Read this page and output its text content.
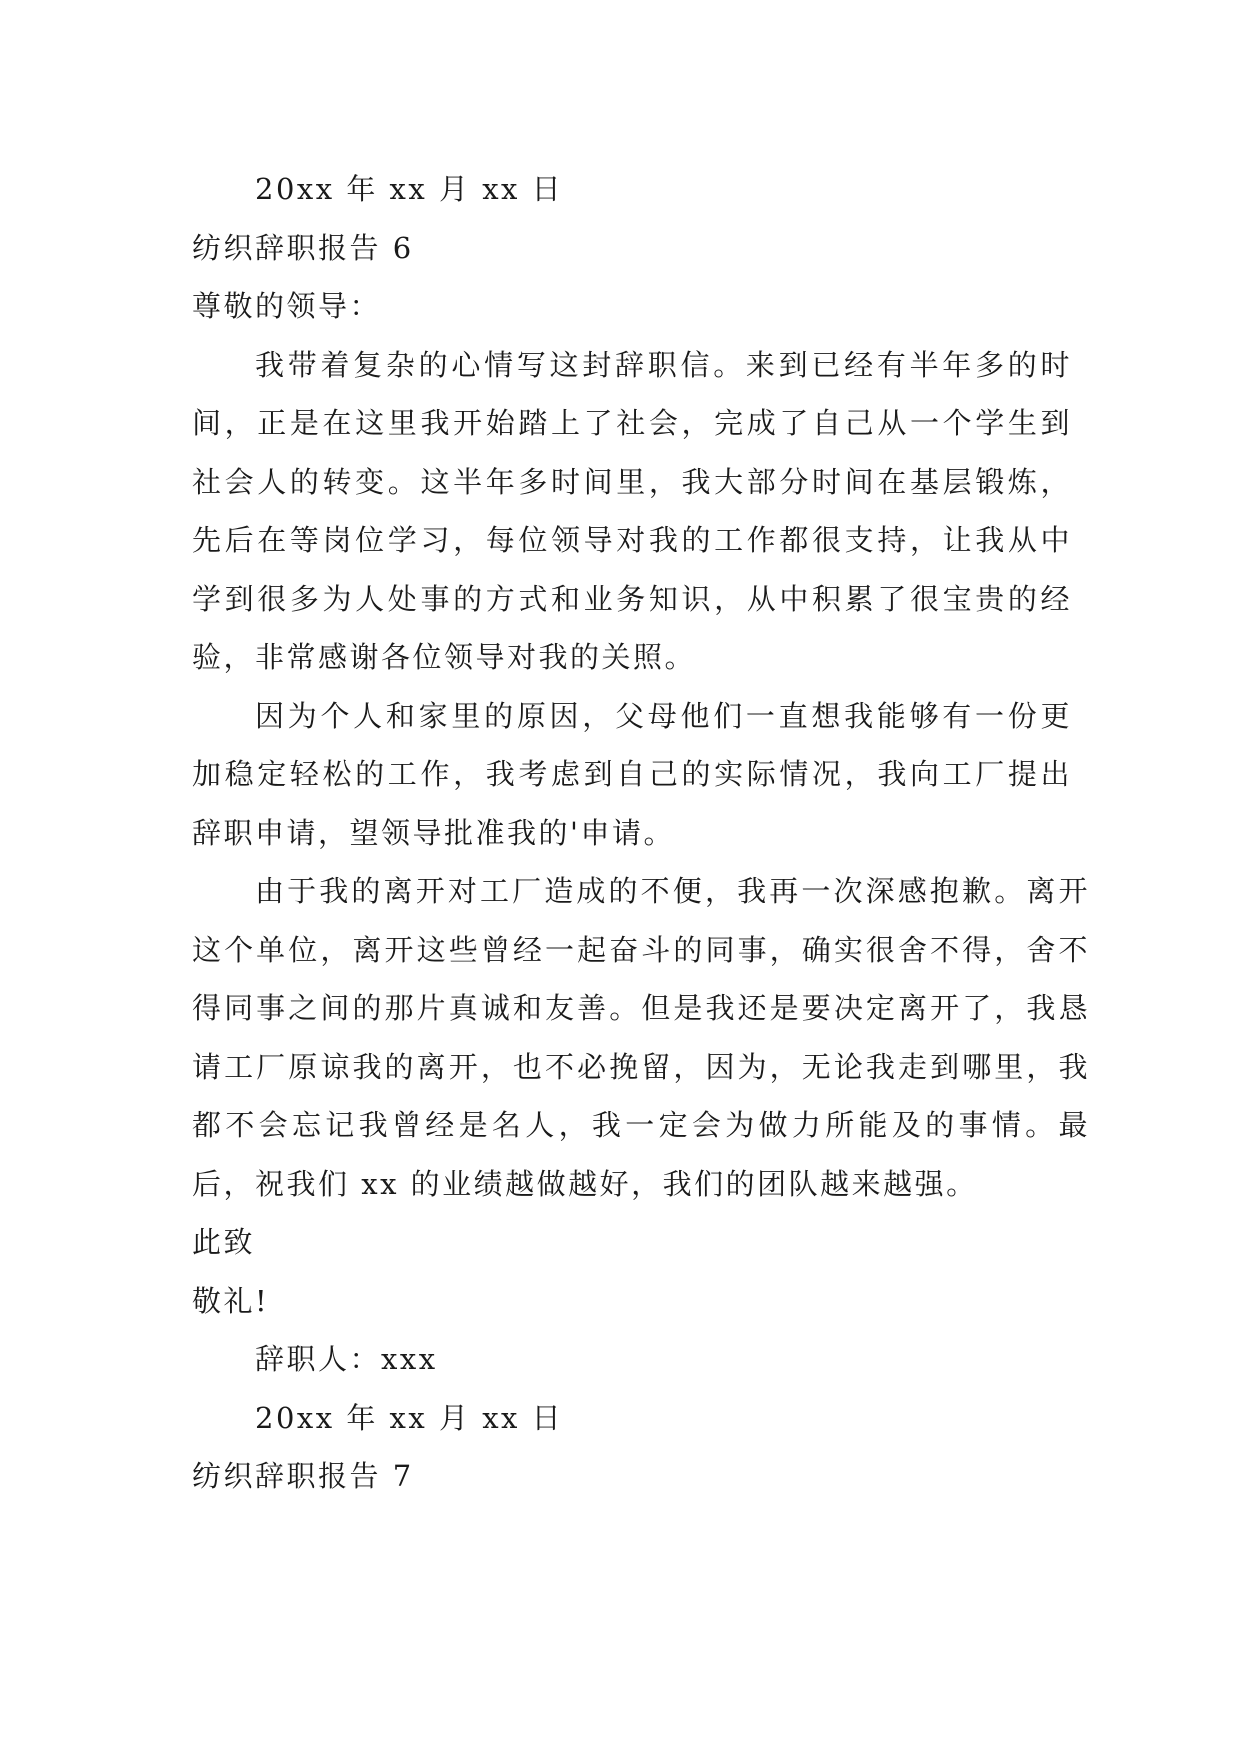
20xx 年 xx 月 xx 日
纺织辞职报告 6
尊敬的领导：
我带着复杂的心情写这封辞职信。来到已经有半年多的时间，正是在这里我开始踏上了社会，完成了自己从一个学生到社会人的转变。这半年多时间里，我大部分时间在基层锻炼，先后在等岗位学习，每位领导对我的工作都很支持，让我从中学到很多为人处事的方式和业务知识，从中积累了很宝贵的经验，非常感谢各位领导对我的关照。
因为个人和家里的原因，父母他们一直想我能够有一份更加稳定轻松的工作，我考虑到自己的实际情况，我向工厂提出辞职申请，望领导批准我的'申请。
由于我的离开对工厂造成的不便，我再一次深感抱歉。离开这个单位，离开这些曾经一起奋斗的同事，确实很舍不得，舍不得同事之间的那片真诚和友善。但是我还是要决定离开了，我恳请工厂原谅我的离开，也不必挽留，因为，无论我走到哪里，我都不会忘记我曾经是名人，我一定会为做力所能及的事情。最后，祝我们 xx 的业绩越做越好，我们的团队越来越强。
此致
敬礼!
辞职人：xxx
20xx 年 xx 月 xx 日
纺织辞职报告 7
